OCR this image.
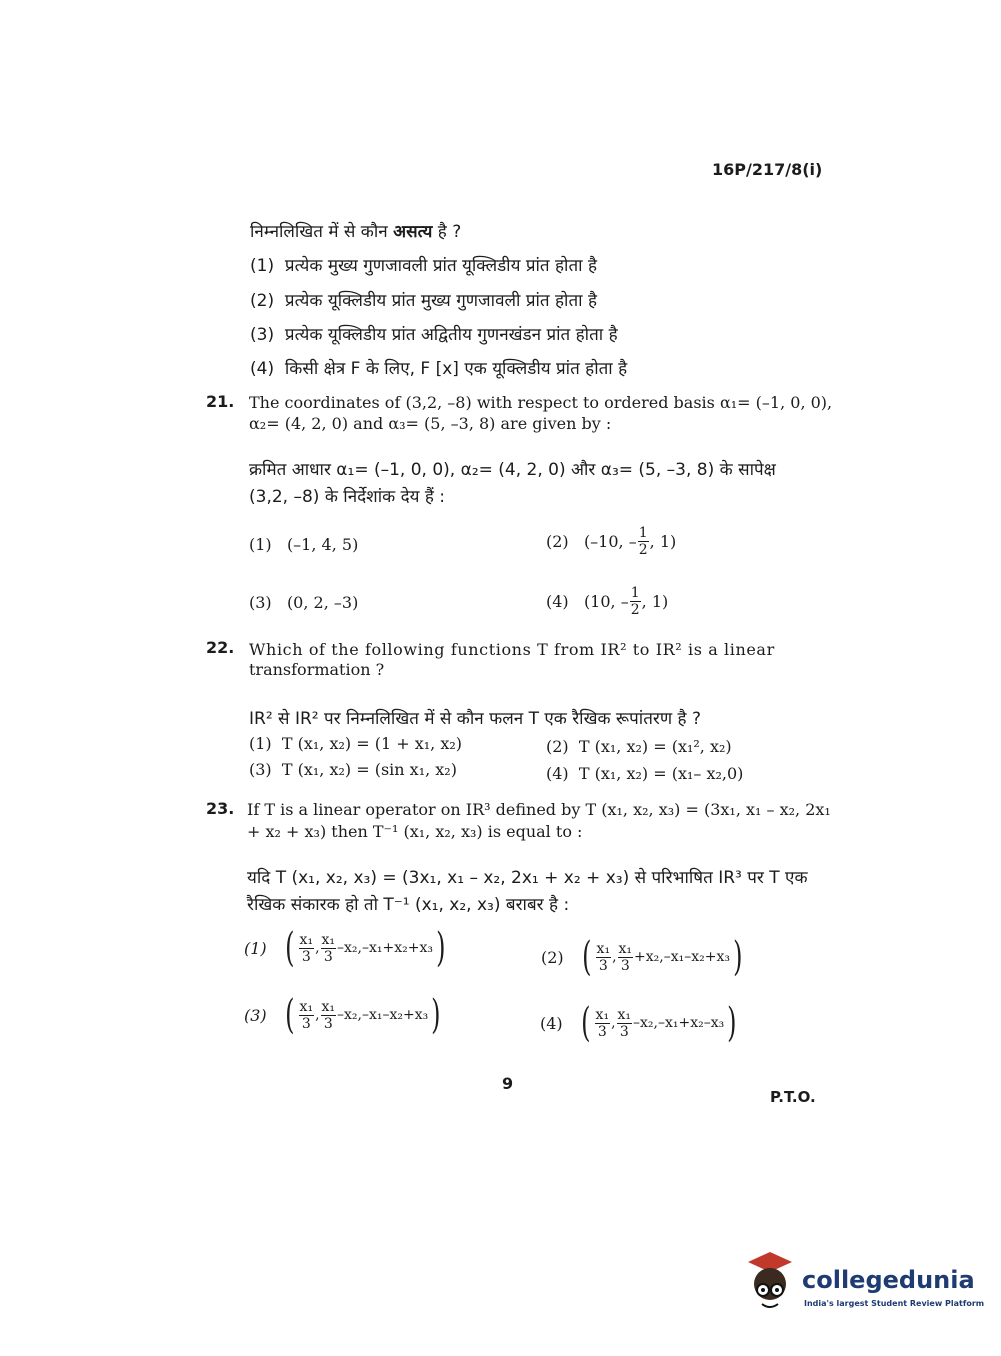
16P/217/8(i)
निम्नलिखित में से कौन असत्य है ?
(1) प्रत्येक मुख्य गुणजावली प्रांत यूक्लिडीय प्रांत होता है
(2) प्रत्येक यूक्लिडीय प्रांत मुख्य गुणजावली प्रांत होता है
(3) प्रत्येक यूक्लिडीय प्रांत अद्वितीय गुणनखंडन प्रांत होता है
(4) किसी क्षेत्र F के लिए, F [x] एक यूक्लिडीय प्रांत होता है
21. The coordinates of (3,2, –8) with respect to ordered basis α₁= (–1, 0, 0),
α₂= (4, 2, 0) and α₃= (5, –3, 8) are given by :
क्रमित आधार α₁= (–1, 0, 0), α₂= (4, 2, 0) और α₃= (5, –3, 8) के सापेक्ष
(3,2, –8) के निर्देशांक देय हैं :
(1) (–1, 4, 5)	(2)
(–10, – $\frac{1}{2}$ , 1)
(3) (0, 2, –3)	(4)
(10, – $\frac{1}{2}$ , 1)
22. Which of the following functions T from IR² to IR² is a linear
transformation ?
IR² से IR² पर निम्नलिखित में से कौन फलन T एक रैखिक रूपांतरण है ?
(1) T (x₁, x₂) = (1 + x₁, x₂)	(2) T (x₁, x₂) = (x₁², x₂)
(3) T (x₁, x₂) = (sin x₁, x₂)	(4) T (x₁, x₂) = (x₁– x₂,0)
23. If T is a linear operator on IR³ defined by T (x₁, x₂, x₃) = (3x₁, x₁ – x₂, 2x₁
+ x₂ + x₃) then T⁻¹ (x₁, x₂, x₃) is equal to :
यदि T (x₁, x₂, x₃) = (3x₁, x₁ – x₂, 2x₁ + x₂ + x₃) से परिभाषित IR³ पर T एक
रैखिक संकारक हो तो T⁻¹ (x₁, x₂, x₃) बराबर है :
(1)
( $\frac{\text{x₁}}{3}$ , $\frac{\text{x₁}}{3} -x_2,-x_1+x_2+x_3$ )	(2)
( $\frac{\text{x₁}}{3}$ , $\frac{\text{x₁}}{3} +x_2,-x_1-x_2+x_3$ )
(3)
( $\frac{\text{x₁}}{3}$ , $\frac{\text{x₁}}{3} -x_2,-x_1-x_2+x_3$ )	(4)
( $\frac{\text{x₁}}{3}$ , $\frac{\text{x₁}}{3} -x_2,-x_1+x_2-x_3$ )
9
P.T.O.
collegedunia
India's largest Student Review Platform
